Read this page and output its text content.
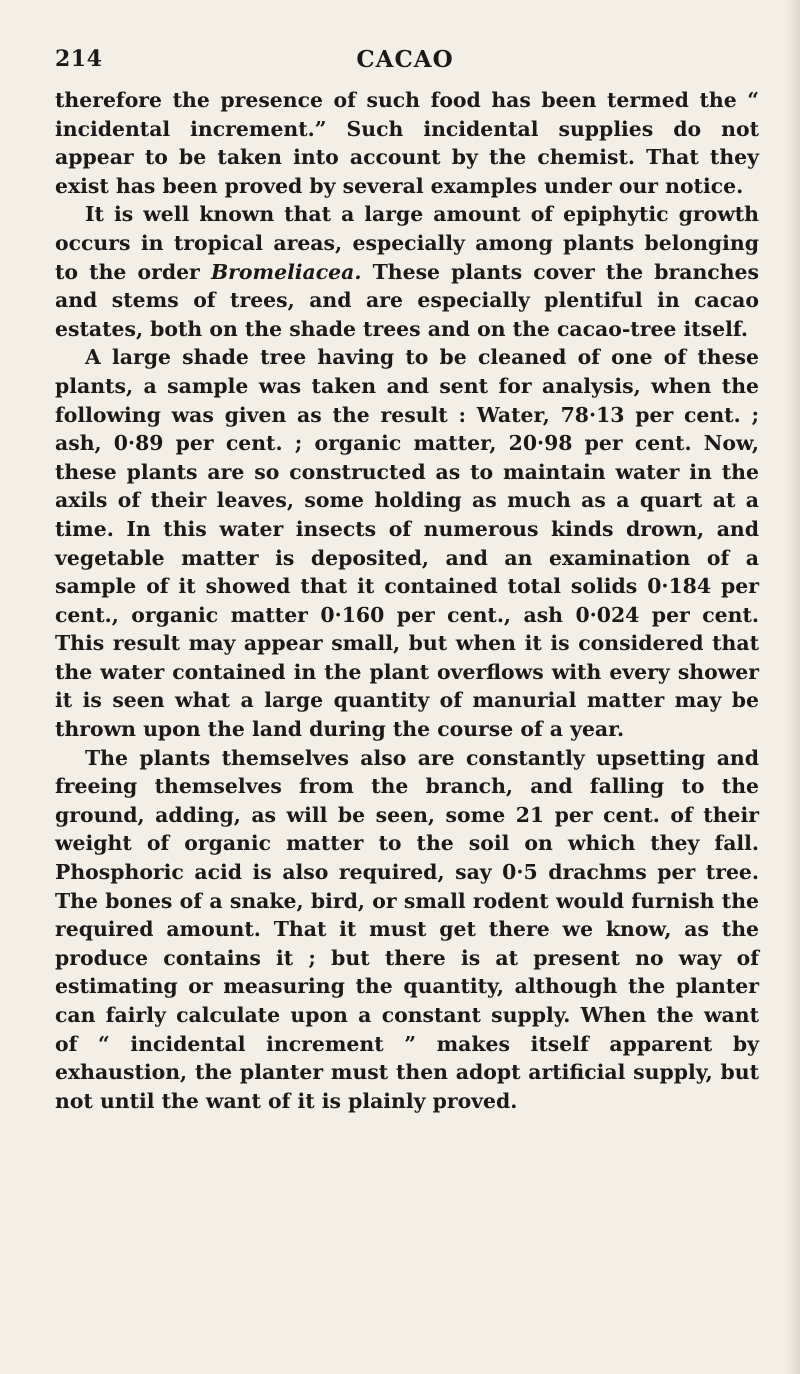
214	CACAO

therefore the presence of such food has been termed the “ incidental increment.” Such incidental supplies do not appear to be taken into account by the chemist. That they exist has been proved by several examples under our notice.

It is well known that a large amount of epiphytic growth occurs in tropical areas, especially among plants belonging to the order Bromeliacea. These plants cover the branches and stems of trees, and are especially plentiful in cacao estates, both on the shade trees and on the cacao-tree itself.

A large shade tree having to be cleaned of one of these plants, a sample was taken and sent for analysis, when the following was given as the result : Water, 78·13 per cent. ; ash, 0·89 per cent. ; organic matter, 20·98 per cent. Now, these plants are so constructed as to maintain water in the axils of their leaves, some holding as much as a quart at a time. In this water insects of numerous kinds drown, and vegetable matter is deposited, and an examination of a sample of it showed that it contained total solids 0·184 per cent., organic matter 0·160 per cent., ash 0·024 per cent. This result may appear small, but when it is considered that the water contained in the plant overflows with every shower it is seen what a large quantity of manurial matter may be thrown upon the land during the course of a year.

The plants themselves also are constantly upsetting and freeing themselves from the branch, and falling to the ground, adding, as will be seen, some 21 per cent. of their weight of organic matter to the soil on which they fall. Phosphoric acid is also required, say 0·5 drachms per tree. The bones of a snake, bird, or small rodent would furnish the required amount. That it must get there we know, as the produce contains it ; but there is at present no way of estimating or measuring the quantity, although the planter can fairly calculate upon a constant supply. When the want of “ incidental increment ” makes itself apparent by exhaustion, the planter must then adopt artificial supply, but not until the want of it is plainly proved.
